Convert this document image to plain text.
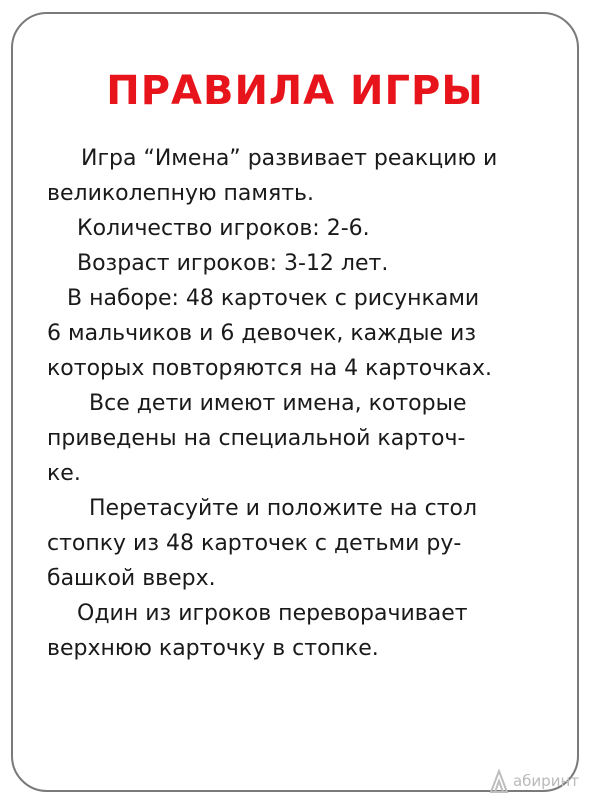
ПРАВИЛА ИГРЫ
Игра “Имена” развивает реакцию и
великолепную память.
Количество игроков: 2-6.
Возраст игроков: 3-12 лет.
В наборе: 48 карточек с рисунками
6 мальчиков и 6 девочек, каждые из
которых повторяются на 4 карточках.
Все дети имеют имена, которые
приведены на специальной карточ-
ке.
Перетасуйте и положите на стол
стопку из 48 карточек с детьми ру-
башкой вверх.
Один из игроков переворачивает
верхнюю карточку в стопке.
абиринт
